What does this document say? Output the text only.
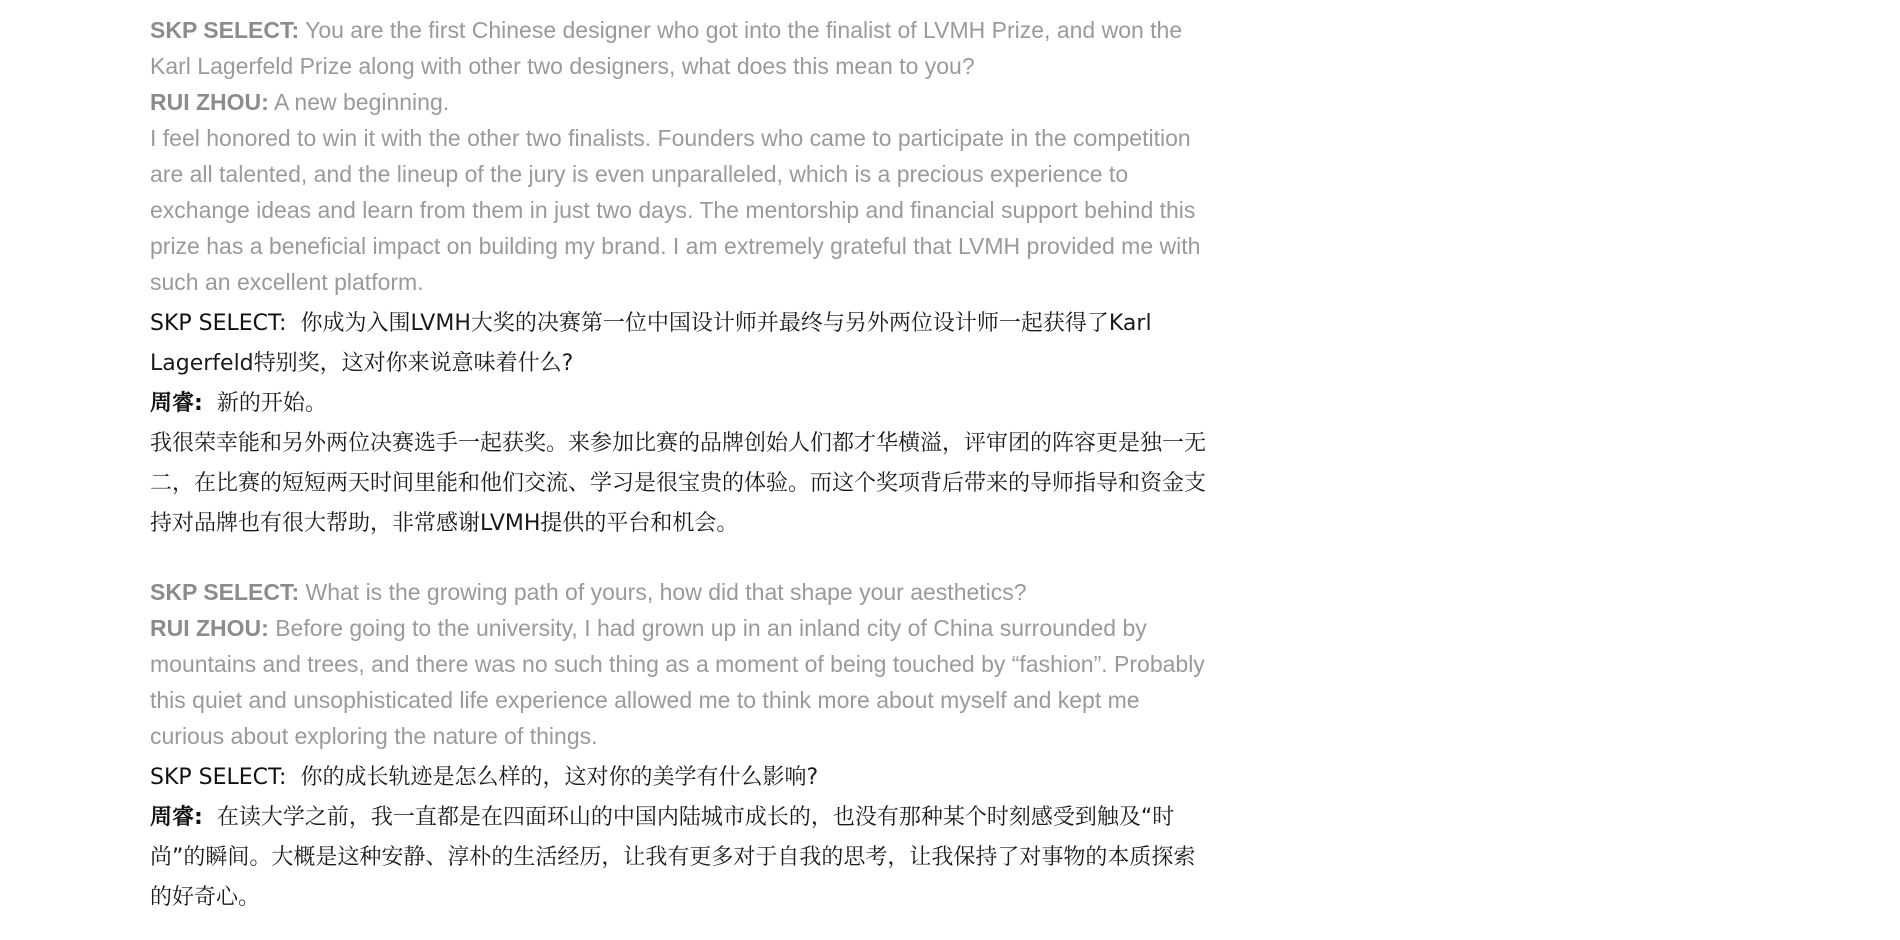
SKP SELECT: You are the first Chinese designer who got into the finalist of LVMH Prize, and won the Karl Lagerfeld Prize along with other two designers, what does this mean to you?

RUI ZHOU: A new beginning.

I feel honored to win it with the other two finalists. Founders who came to participate in the competition are all talented, and the lineup of the jury is even unparalleled, which is a precious experience to exchange ideas and learn from them in just two days. The mentorship and financial support behind this prize has a beneficial impact on building my brand. I am extremely grateful that LVMH provided me with such an excellent platform.

SKP SELECT: 你成为入围LVMH大奖的决赛第一位中国设计师并最终与另外两位设计师一起获得了Karl Lagerfeld特别奖，这对你来说意味着什么?

周睿: 新的开始。

我很荣幸能和另外两位决赛选手一起获奖。来参加比赛的品牌创始人们都才华横溢，评审团的阵容更是独一无二，在比赛的短短两天时间里能和他们交流、学习是很宝贵的体验。而这个奖项背后带来的导师指导和资金支持对品牌也有很大帮助，非常感谢LVMH提供的平台和机会。

SKP SELECT: What is the growing path of yours, how did that shape your aesthetics?

RUI ZHOU: Before going to the university, I had grown up in an inland city of China surrounded by mountains and trees, and there was no such thing as a moment of being touched by “fashion”. Probably this quiet and unsophisticated life experience allowed me to think more about myself and kept me curious about exploring the nature of things.

SKP SELECT: 你的成长轨迹是怎么样的，这对你的美学有什么影响?

周睿: 在读大学之前，我一直都是在四面环山的中国内陆城市成长的，也没有那种某个时刻感受到触及“时尚”的瞬间。大概是这种安静、淳朴的生活经历，让我有更多对于自我的思考，让我保持了对事物的本质探索的好奇心。
